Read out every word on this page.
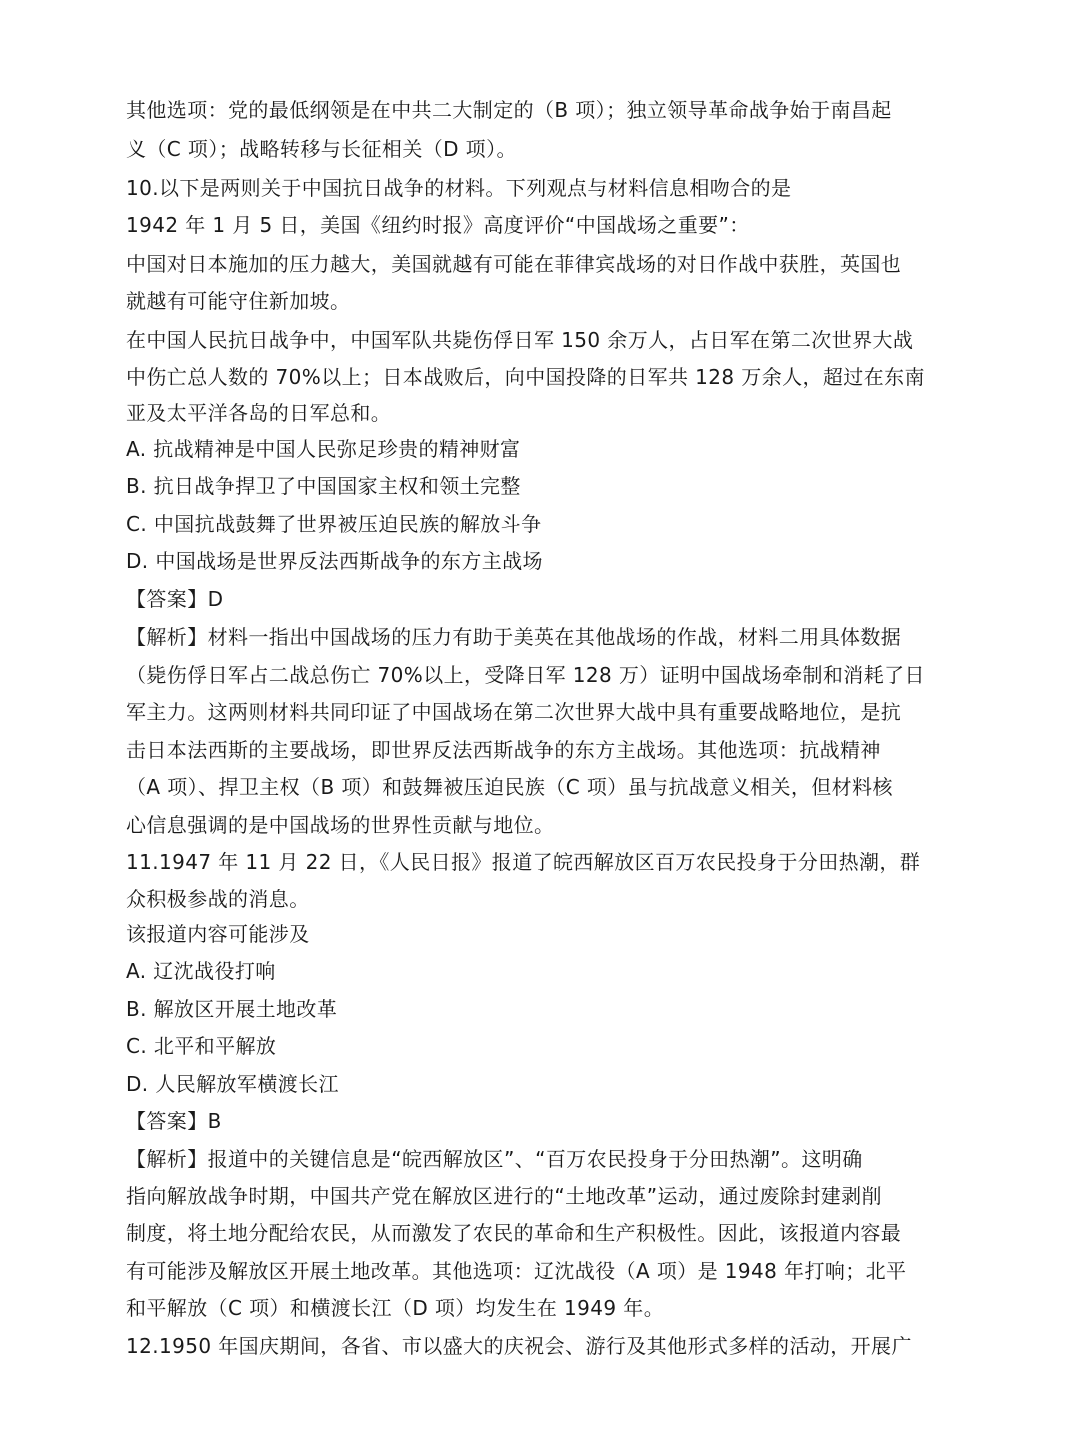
其他选项：党的最低纲领是在中共二大制定的（B 项）；独立领导革命战争始于南昌起
义（C 项）；战略转移与长征相关（D 项）。
10.以下是两则关于中国抗日战争的材料。下列观点与材料信息相吻合的是
1942 年 1 月 5 日，美国《纽约时报》高度评价“中国战场之重要”：
中国对日本施加的压力越大，美国就越有可能在菲律宾战场的对日作战中获胜，英国也
就越有可能守住新加坡。
在中国人民抗日战争中，中国军队共毙伤俘日军 150 余万人，占日军在第二次世界大战
中伤亡总人数的 70%以上；日本战败后，向中国投降的日军共 128 万余人，超过在东南
亚及太平洋各岛的日军总和。
A. 抗战精神是中国人民弥足珍贵的精神财富
B. 抗日战争捍卫了中国国家主权和领土完整
C. 中国抗战鼓舞了世界被压迫民族的解放斗争
D. 中国战场是世界反法西斯战争的东方主战场
【答案】D
【解析】材料一指出中国战场的压力有助于美英在其他战场的作战，材料二用具体数据
（毙伤俘日军占二战总伤亡 70%以上，受降日军 128 万）证明中国战场牵制和消耗了日
军主力。这两则材料共同印证了中国战场在第二次世界大战中具有重要战略地位，是抗
击日本法西斯的主要战场，即世界反法西斯战争的东方主战场。其他选项：抗战精神
（A 项）、捍卫主权（B 项）和鼓舞被压迫民族（C 项）虽与抗战意义相关，但材料核
心信息强调的是中国战场的世界性贡献与地位。
11.1947 年 11 月 22 日，《人民日报》报道了皖西解放区百万农民投身于分田热潮，群
众积极参战的消息。
该报道内容可能涉及
A. 辽沈战役打响
B. 解放区开展土地改革
C. 北平和平解放
D. 人民解放军横渡长江
【答案】B
【解析】报道中的关键信息是“皖西解放区”、“百万农民投身于分田热潮”。这明确
指向解放战争时期，中国共产党在解放区进行的“土地改革”运动，通过废除封建剥削
制度，将土地分配给农民，从而激发了农民的革命和生产积极性。因此，该报道内容最
有可能涉及解放区开展土地改革。其他选项：辽沈战役（A 项）是 1948 年打响；北平
和平解放（C 项）和横渡长江（D 项）均发生在 1949 年。
12.1950 年国庆期间，各省、市以盛大的庆祝会、游行及其他形式多样的活动，开展广
